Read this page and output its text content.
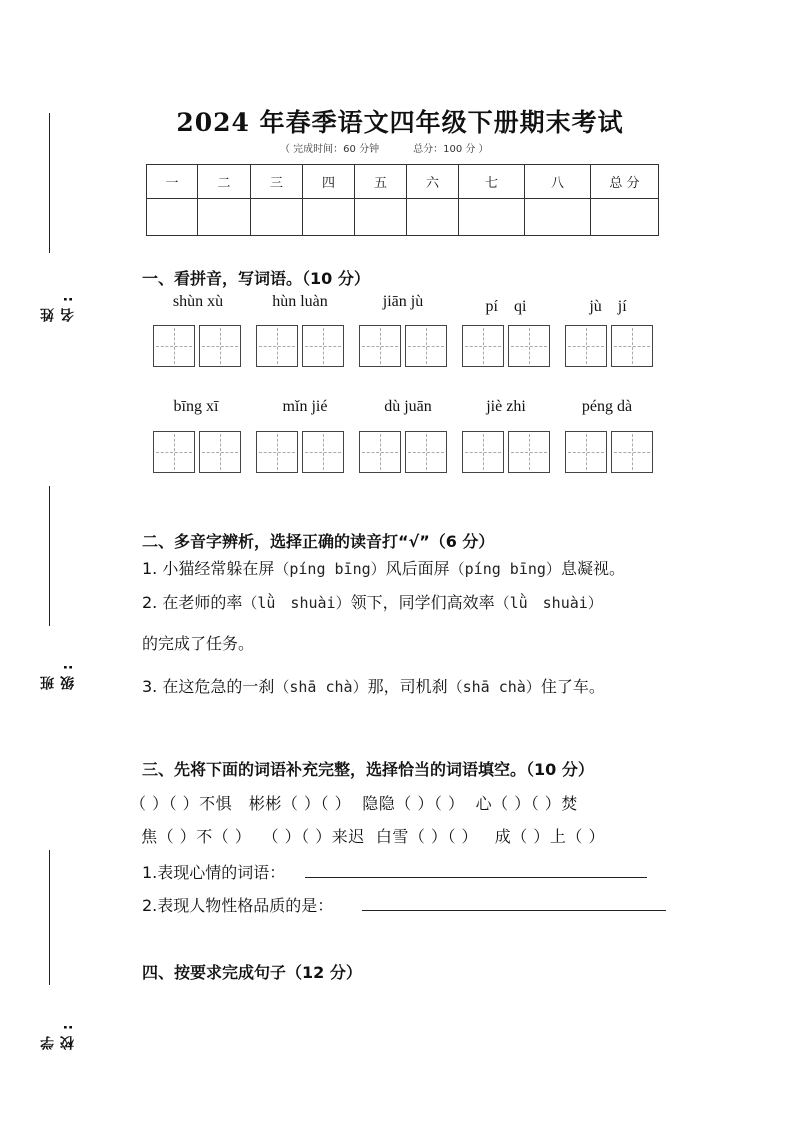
姓 名:
班 级:
学 校:
2024 年春季语文四年级下册期末考试
（ 完成时间：60 分钟	总分：100 分 ）
一	二	三	四	五	六	七	八	总 分

一、看拼音，写词语。（10 分）
shùn xù	hùn luàn	jiān jù	pí　qi	jù　jí
bīng xī	mǐn jié	dù juān	jiè zhi	péng dà
二、多音字辨析，选择正确的读音打“√”（6 分）
1. 小猫经常躲在屏（píng bīng）风后面屏（píng bīng）息凝视。
2. 在老师的率（lǜ　shuài）领下，同学们高效率（lǜ　shuài）
的完成了任务。
3. 在这危急的一刹（shā chà）那，司机刹（shā chà）住了车。
三、先将下面的词语补充完整，选择恰当的词语填空。（10 分）
（ ）（ ）不惧   彬彬（ ）（ ）  隐隐（ ）（ ）  心（ ）（ ）焚
焦（ ）不（ ）  （ ）（ ）来迟  白雪（ ）（ ）   成（ ）上（ ）
1.表现心情的词语：
2.表现人物性格品质的是：
四、按要求完成句子（12 分）
